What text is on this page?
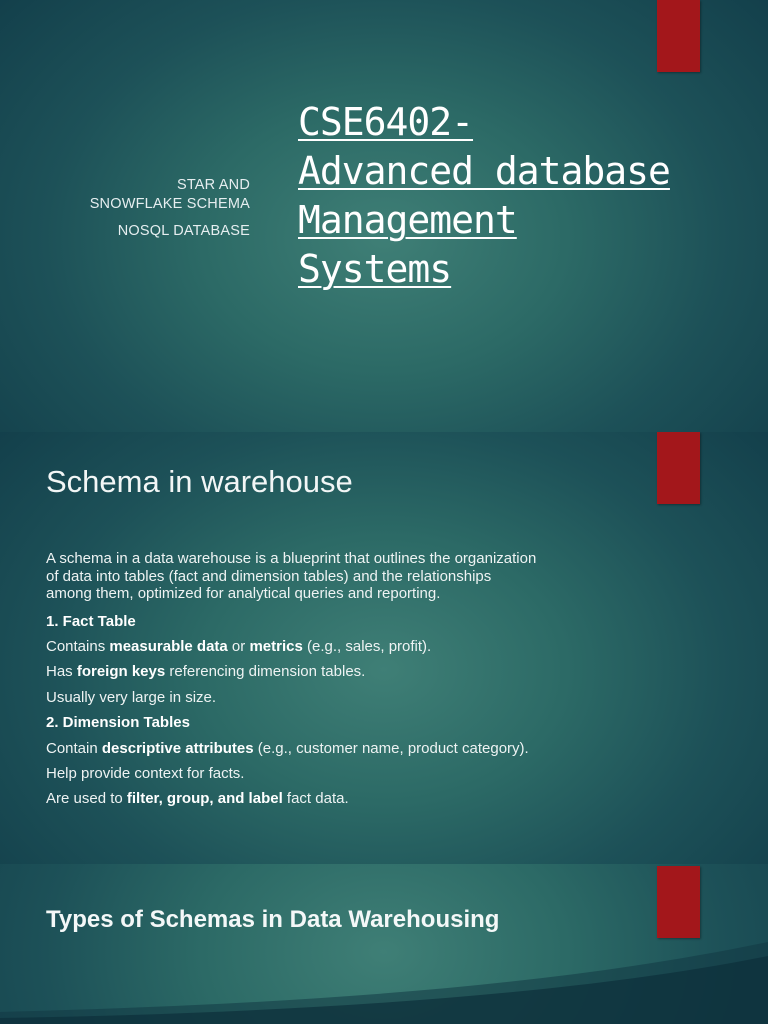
STAR AND
SNOWFLAKE SCHEMA
NOSQL DATABASE
CSE6402-
Advanced database
Management
Systems
Schema in warehouse
A schema in a data warehouse is a blueprint that outlines the organization
of data into tables (fact and dimension tables) and the relationships
among them, optimized for analytical queries and reporting.

1. Fact Table

Contains measurable data or metrics (e.g., sales, profit).

Has foreign keys referencing dimension tables.

Usually very large in size.

2. Dimension Tables

Contain descriptive attributes (e.g., customer name, product category).

Help provide context for facts.

Are used to filter, group, and label fact data.

Types of Schemas in Data Warehousing
